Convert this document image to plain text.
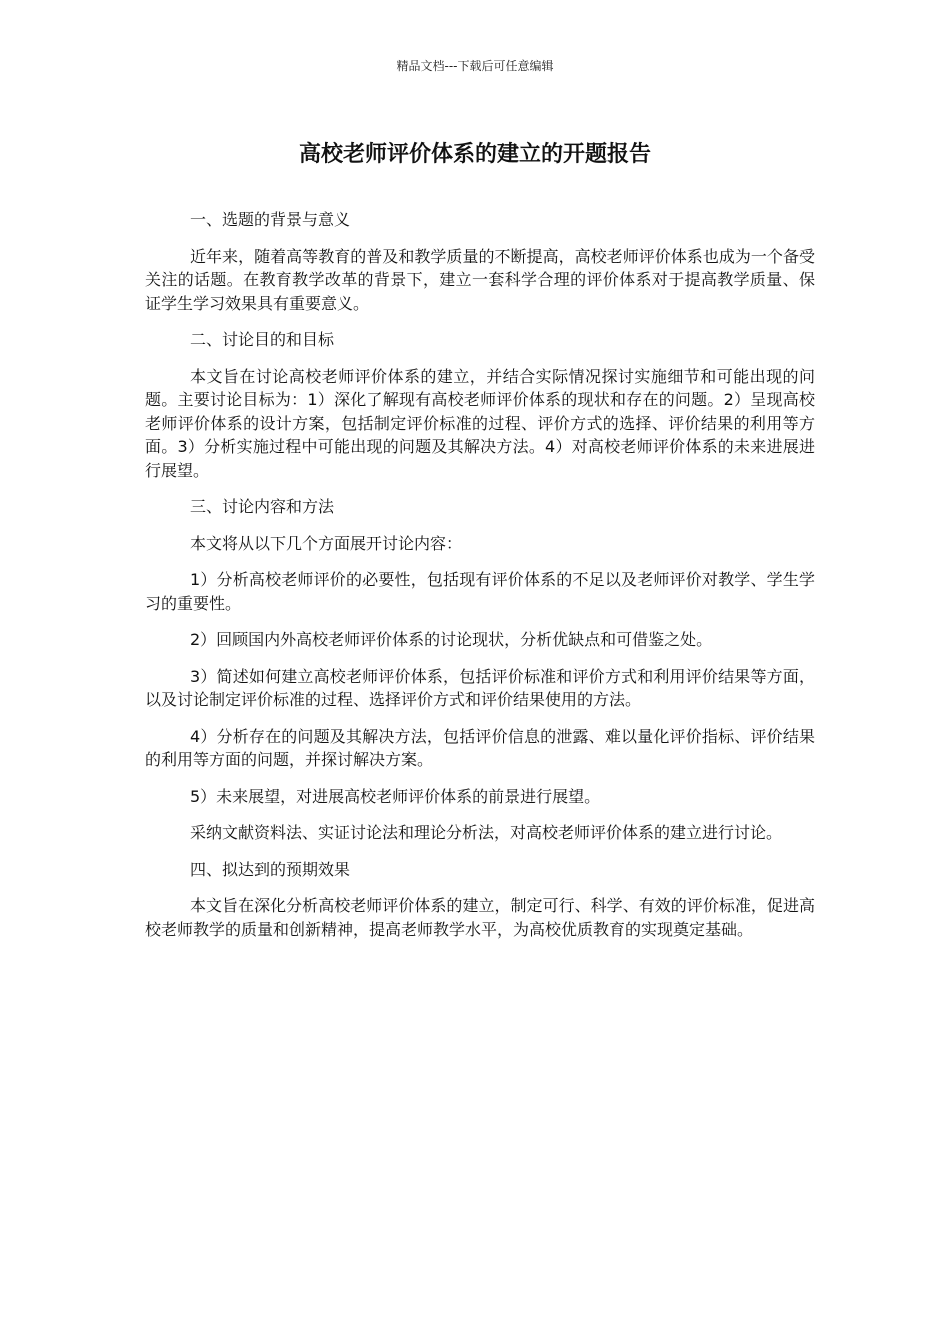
精品文档---下载后可任意编辑
高校老师评价体系的建立的开题报告

一、选题的背景与意义

近年来，随着高等教育的普及和教学质量的不断提高，高校老师评价体系也成为一个备受关注的话题。在教育教学改革的背景下，建立一套科学合理的评价体系对于提高教学质量、保证学生学习效果具有重要意义。

二、讨论目的和目标

本文旨在讨论高校老师评价体系的建立，并结合实际情况探讨实施细节和可能出现的问题。主要讨论目标为：1）深化了解现有高校老师评价体系的现状和存在的问题。2）呈现高校老师评价体系的设计方案，包括制定评价标准的过程、评价方式的选择、评价结果的利用等方面。3）分析实施过程中可能出现的问题及其解决方法。4）对高校老师评价体系的未来进展进行展望。

三、讨论内容和方法

本文将从以下几个方面展开讨论内容：

1）分析高校老师评价的必要性，包括现有评价体系的不足以及老师评价对教学、学生学习的重要性。

2）回顾国内外高校老师评价体系的讨论现状，分析优缺点和可借鉴之处。

3）简述如何建立高校老师评价体系，包括评价标准和评价方式和利用评价结果等方面，以及讨论制定评价标准的过程、选择评价方式和评价结果使用的方法。

4）分析存在的问题及其解决方法，包括评价信息的泄露、难以量化评价指标、评价结果的利用等方面的问题，并探讨解决方案。

5）未来展望，对进展高校老师评价体系的前景进行展望。

采纳文献资料法、实证讨论法和理论分析法，对高校老师评价体系的建立进行讨论。

四、拟达到的预期效果

本文旨在深化分析高校老师评价体系的建立，制定可行、科学、有效的评价标准，促进高校老师教学的质量和创新精神，提高老师教学水平，为高校优质教育的实现奠定基础。
